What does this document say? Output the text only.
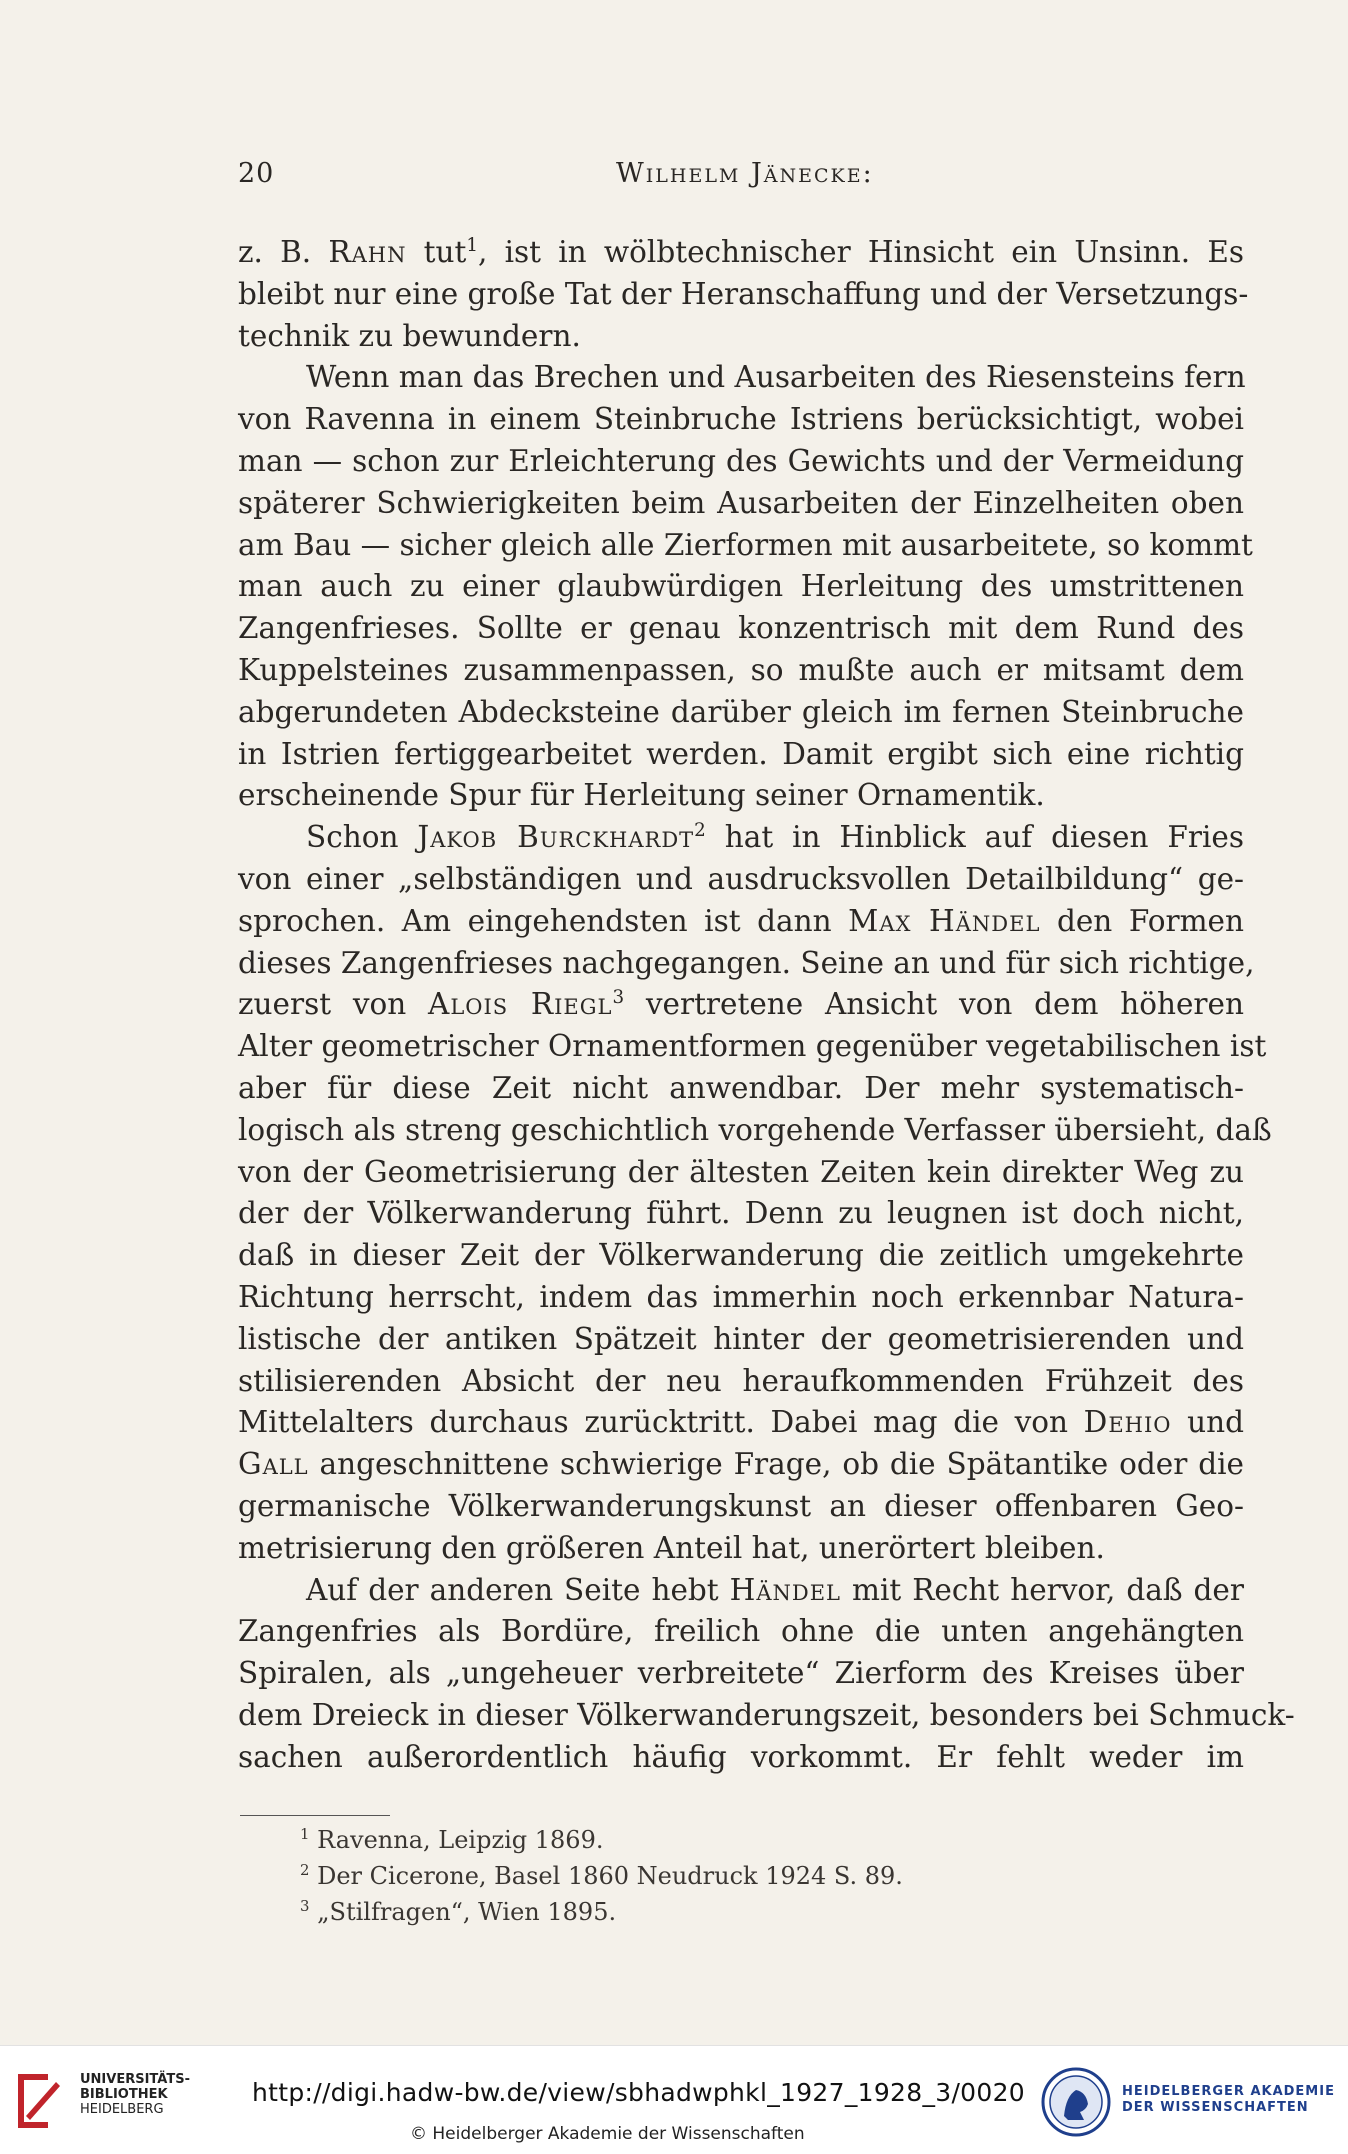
20	Wilhelm Jänecke:
z. B. Rahn tut$^1$, ist in wölbtechnischer Hinsicht ein Unsinn. Es
bleibt nur eine große Tat der Heranschaffung und der Versetzungs-
technik zu bewundern.
Wenn man das Brechen und Ausarbeiten des Riesensteins fern
von Ravenna in einem Steinbruche Istriens berücksichtigt, wobei
man — schon zur Erleichterung des Gewichts und der Vermeidung
späterer Schwierigkeiten beim Ausarbeiten der Einzelheiten oben
am Bau — sicher gleich alle Zierformen mit ausarbeitete, so kommt
man auch zu einer glaubwürdigen Herleitung des umstrittenen
Zangenfrieses. Sollte er genau konzentrisch mit dem Rund des
Kuppelsteines zusammenpassen, so mußte auch er mitsamt dem
abgerundeten Abdecksteine darüber gleich im fernen Steinbruche
in Istrien fertiggearbeitet werden. Damit ergibt sich eine richtig
erscheinende Spur für Herleitung seiner Ornamentik.
Schon Jakob Burckhardt$^2$ hat in Hinblick auf diesen Fries
von einer „selbständigen und ausdrucksvollen Detailbildung“ ge-
sprochen. Am eingehendsten ist dann Max Händel den Formen
dieses Zangenfrieses nachgegangen. Seine an und für sich richtige,
zuerst von Alois Riegl$^3$ vertretene Ansicht von dem höheren
Alter geometrischer Ornamentformen gegenüber vegetabilischen ist
aber für diese Zeit nicht anwendbar. Der mehr systematisch-
logisch als streng geschichtlich vorgehende Verfasser übersieht, daß
von der Geometrisierung der ältesten Zeiten kein direkter Weg zu
der der Völkerwanderung führt. Denn zu leugnen ist doch nicht,
daß in dieser Zeit der Völkerwanderung die zeitlich umgekehrte
Richtung herrscht, indem das immerhin noch erkennbar Natura-
listische der antiken Spätzeit hinter der geometrisierenden und
stilisierenden Absicht der neu heraufkommenden Frühzeit des
Mittelalters durchaus zurücktritt. Dabei mag die von Dehio und
Gall angeschnittene schwierige Frage, ob die Spätantike oder die
germanische Völkerwanderungskunst an dieser offenbaren Geo-
metrisierung den größeren Anteil hat, unerörtert bleiben.
Auf der anderen Seite hebt Händel mit Recht hervor, daß der
Zangenfries als Bordüre, freilich ohne die unten angehängten
Spiralen, als „ungeheuer verbreitete“ Zierform des Kreises über
dem Dreieck in dieser Völkerwanderungszeit, besonders bei Schmuck-
sachen außerordentlich häufig vorkommt. Er fehlt weder im
$^1$ Ravenna, Leipzig 1869.
$^2$ Der Cicerone, Basel 1860 Neudruck 1924 S. 89.
$^3$ „Stilfragen“, Wien 1895.
UNIVERSITÄTS-
BIBLIOTHEK
HEIDELBERG
http://digi.hadw-bw.de/view/sbhadwphkl_1927_1928_3/0020
© Heidelberger Akademie der Wissenschaften
HEIDELBERGER AKADEMIE
DER WISSENSCHAFTEN
